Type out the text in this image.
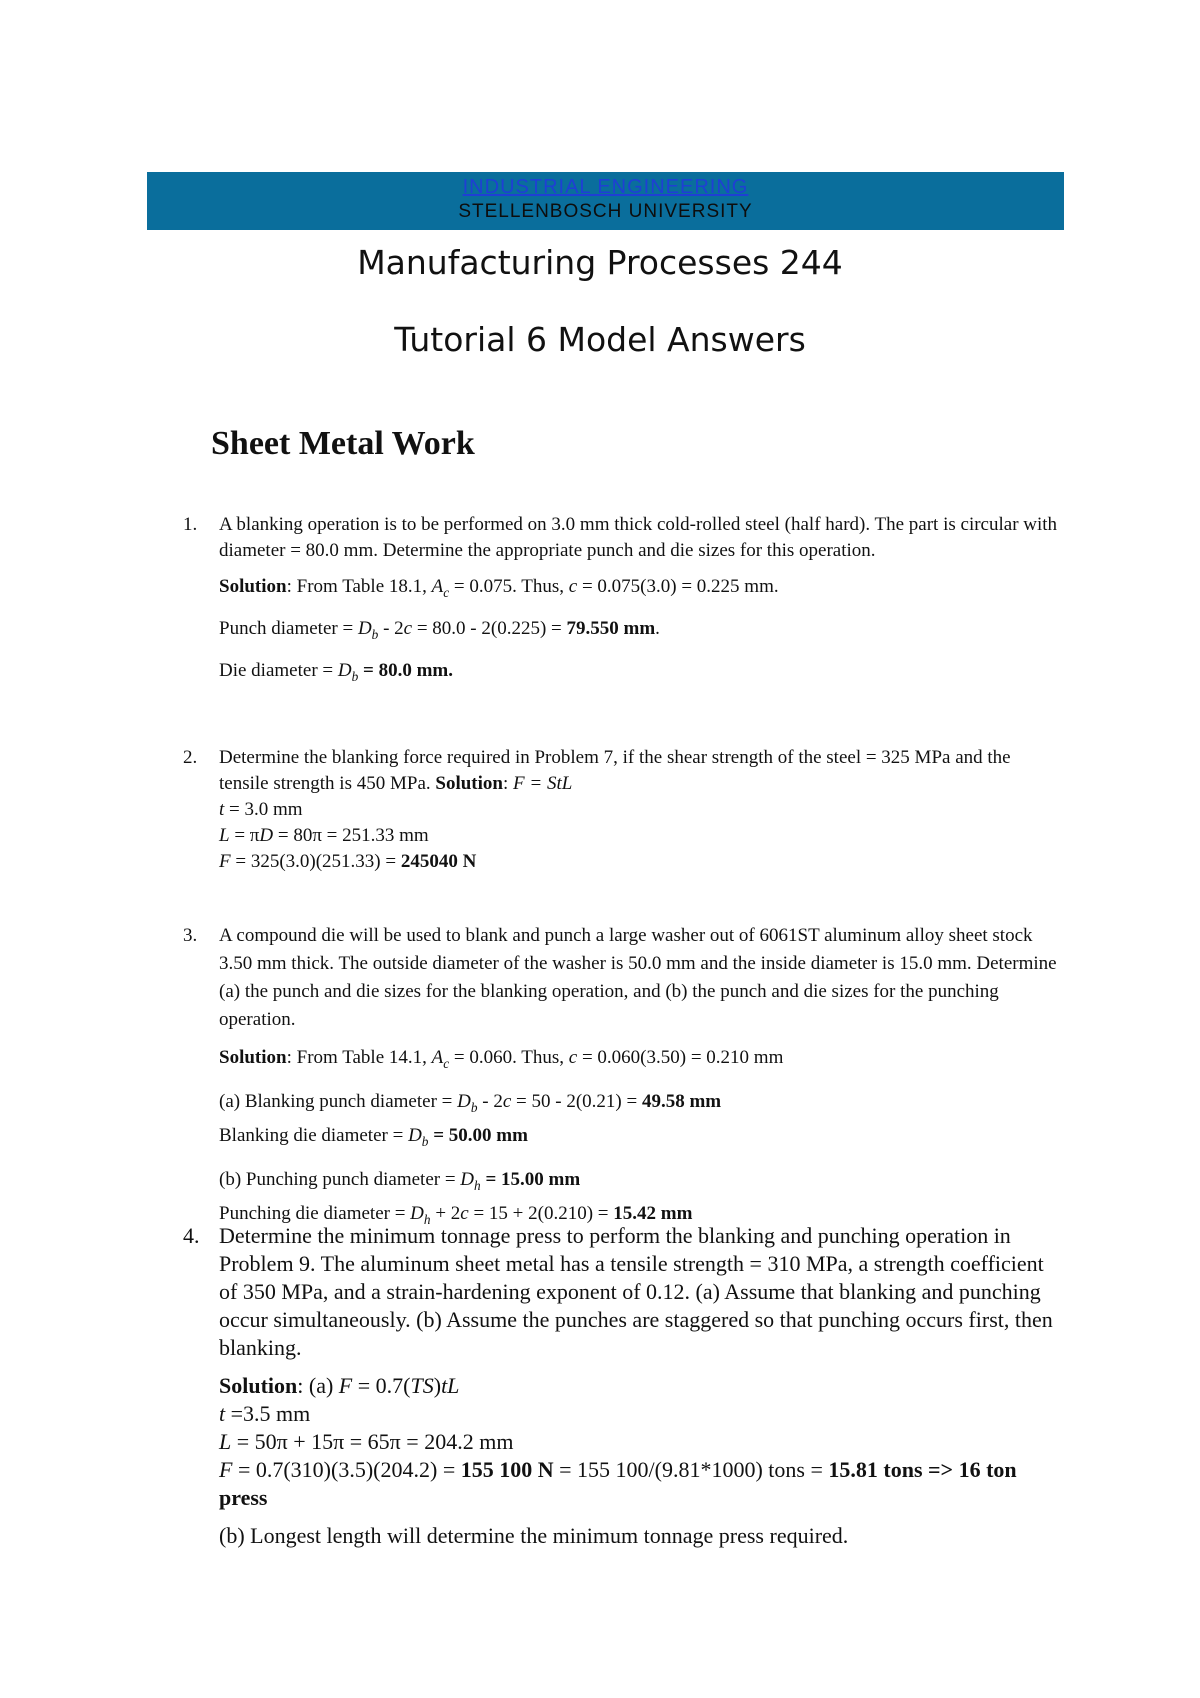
INDUSTRIAL ENGINEERING
STELLENBOSCH UNIVERSITY
Manufacturing Processes 244
Tutorial 6 Model Answers
Sheet Metal Work
1. A blanking operation is to be performed on 3.0 mm thick cold-rolled steel (half hard). The part is circular with diameter = 80.0 mm. Determine the appropriate punch and die sizes for this operation.

Solution: From Table 18.1, $A_c = 0.075$. Thus, c = 0.075(3.0) = 0.225 mm.

Punch diameter = $D_b - 2c = 80.0 - 2(0.225) = 79.550$ mm.

Die diameter = $D_b = 80.0$ mm.

2. Determine the blanking force required in Problem 7, if the shear strength of the steel = 325 MPa and the tensile strength is 450 MPa. Solution: F = StL

t = 3.0 mm

L = πD = 80π = 251.33 mm

F = 325(3.0)(251.33) = 245040 N

3. A compound die will be used to blank and punch a large washer out of 6061ST aluminum alloy sheet stock 3.50 mm thick. The outside diameter of the washer is 50.0 mm and the inside diameter is 15.0 mm. Determine (a) the punch and die sizes for the blanking operation, and (b) the punch and die sizes for the punching operation.

Solution: From Table 14.1, $A_c = 0.060$. Thus, c = 0.060(3.50) = 0.210 mm

(a) Blanking punch diameter = $D_b - 2c = 50 - 2(0.21) = 49.58$ mm

Blanking die diameter = $D_b = 50.00$ mm

(b) Punching punch diameter = $D_h = 15.00$ mm

Punching die diameter = $D_h + 2c = 15 + 2(0.210) = 15.42$ mm

4. Determine the minimum tonnage press to perform the blanking and punching operation in Problem 9. The aluminum sheet metal has a tensile strength = 310 MPa, a strength coefficient of 350 MPa, and a strain-hardening exponent of 0.12. (a) Assume that blanking and punching occur simultaneously. (b) Assume the punches are staggered so that punching occurs first, then blanking.

Solution: (a) F = 0.7(TS)tL

t =3.5 mm

L = 50π + 15π = 65π = 204.2 mm

F = 0.7(310)(3.5)(204.2) = 155 100 N = 155 100/(9.81*1000) tons = 15.81 tons => 16 ton press

(b) Longest length will determine the minimum tonnage press required.
